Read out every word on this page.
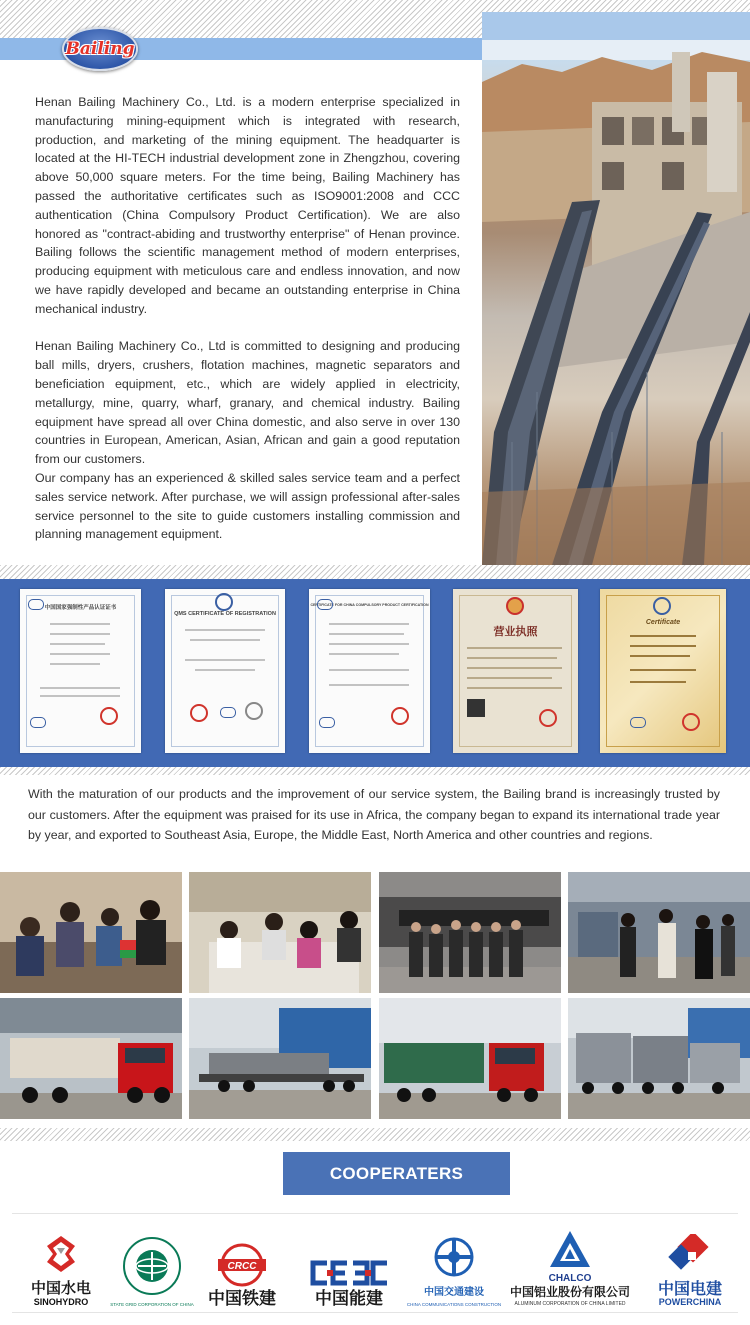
Bailing

Henan Bailing Machinery Co., Ltd. is a modern enterprise specialized in manufacturing mining-equipment which is integrated with research, production, and marketing of the mining equipment. The headquarter is located at the HI-TECH industrial development zone in Zhengzhou, covering above 50,000 square meters. For the time being, Bailing Machinery has passed the authoritative certificates such as ISO9001:2008 and CCC authentication (China Compulsory Product Certification). We are also honored as "contract-abiding and trustworthy enterprise" of Henan province. Bailing follows the scientific management method of modern enterprises, producing equipment with meticulous care and endless innovation, and now we have rapidly developed and became an outstanding enterprise in China mechanical industry.

Henan Bailing Machinery Co., Ltd is committed to designing and producing ball mills, dryers, crushers, flotation machines, magnetic separators and beneficiation equipment, etc., which are widely applied in electricity, metallurgy, mine, quarry, wharf, granary, and chemical industry. Bailing equipment have spread all over China domestic, and also serve in over 130 countries in European, American, Asian, African and gain a good reputation from our customers.

Our company has an experienced & skilled sales service team and a perfect sales service network. After purchase, we will assign professional after-sales service personnel to the site to guide customers installing commission and planning management equipment.

中国国家强制性产品认证证书
QMS CERTIFICATE OF REGISTRATION
CERTIFICATE FOR CHINA COMPULSORY PRODUCT CERTIFICATION
营业执照
Certificate
With the maturation of our products and the improvement of our service system, the Bailing brand is increasingly trusted by our customers. After the equipment was praised for its use in Africa, the company began to expand its international trade year by year, and exported to Southeast Asia, Europe, the Middle East, North America and other countries and regions.
COOPERATERS
中国水电
SINOHYDRO	STATE GRID CORPORATION OF CHINA
CRCC
中国铁建 中国能建	中国交通建设
CHINA COMMUNICATIONS CONSTRUCTION
CHALCO
中国铝业股份有限公司
ALUMINUM CORPORATION OF CHINA LIMITED
中国电建
POWERCHINA
